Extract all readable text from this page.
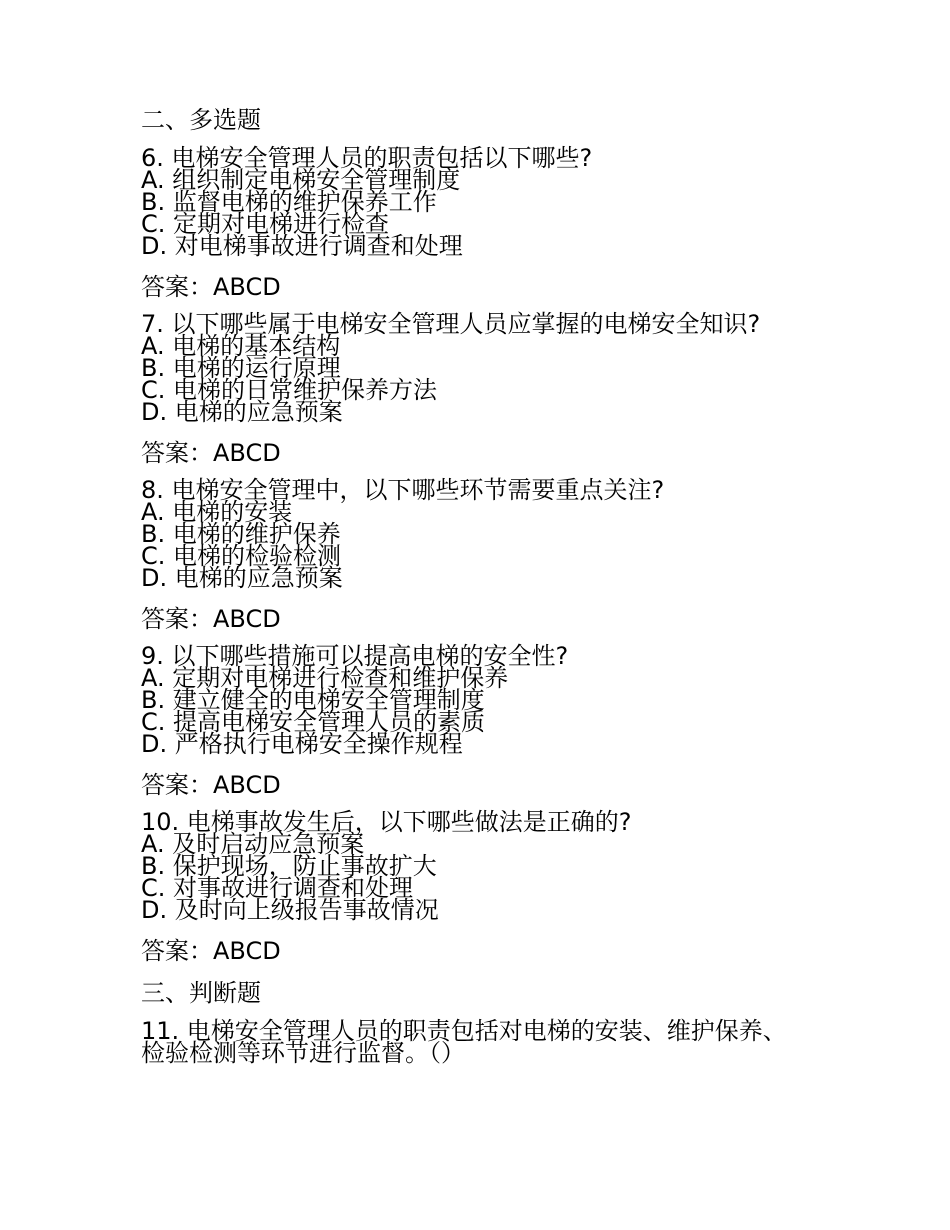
二、多选题
6. 电梯安全管理人员的职责包括以下哪些?
A. 组织制定电梯安全管理制度
B. 监督电梯的维护保养工作
C. 定期对电梯进行检查
D. 对电梯事故进行调查和处理
答案：ABCD
7. 以下哪些属于电梯安全管理人员应掌握的电梯安全知识?
A. 电梯的基本结构
B. 电梯的运行原理
C. 电梯的日常维护保养方法
D. 电梯的应急预案
答案：ABCD
8. 电梯安全管理中，以下哪些环节需要重点关注?
A. 电梯的安装
B. 电梯的维护保养
C. 电梯的检验检测
D. 电梯的应急预案
答案：ABCD
9. 以下哪些措施可以提高电梯的安全性?
A. 定期对电梯进行检查和维护保养
B. 建立健全的电梯安全管理制度
C. 提高电梯安全管理人员的素质
D. 严格执行电梯安全操作规程
答案：ABCD
10. 电梯事故发生后，以下哪些做法是正确的?
A. 及时启动应急预案
B. 保护现场，防止事故扩大
C. 对事故进行调查和处理
D. 及时向上级报告事故情况
答案：ABCD
三、判断题
11. 电梯安全管理人员的职责包括对电梯的安装、维护保养、
检验检测等环节进行监督。（）
